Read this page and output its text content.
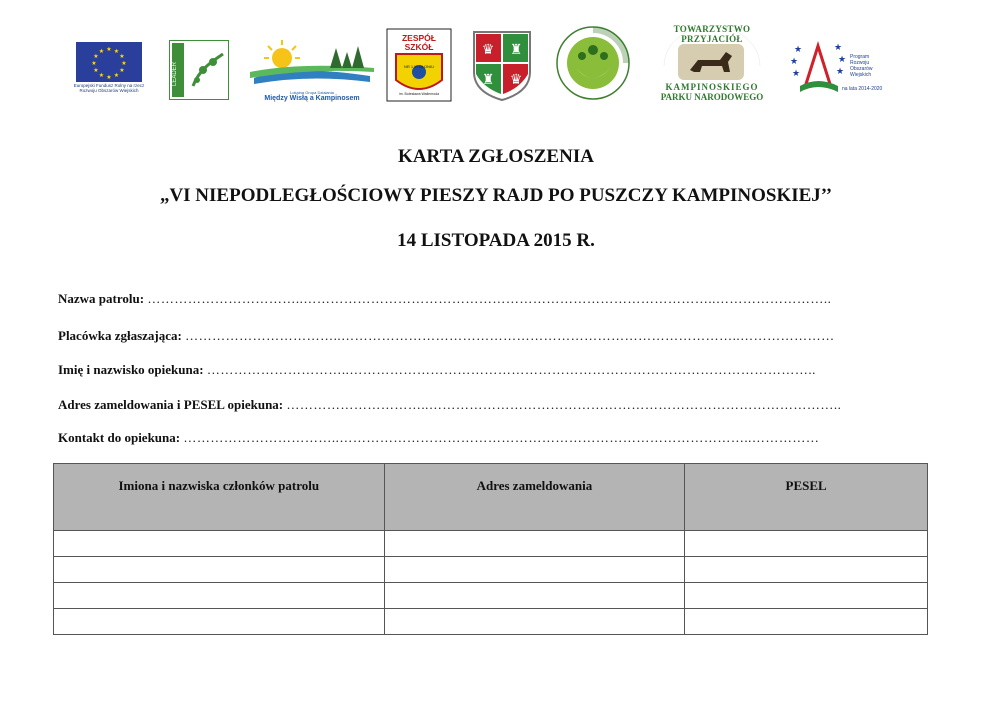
★ ★
★
★
★
★
★
★
★
★
★
★
Europejski Fundusz Rolny na rzecz
Rozwoju Obszarów Wiejskich
LEADER
Lokalna Grupa Działania
Między Wisłą a Kampinosem
ZESPÓŁ SZKÓŁ
NR 1 W BŁONIU
im. Bolesława Wallenroda
♛ ♜
♜ ♛
TOWARZYSTWO PRZYJACIÓŁ
KAMPINOSKIEGO
PARKU NARODOWEGO
★
★
★
★
★
★
Program
Rozwoju
Obszarów
Wiejskich
na lata 2014-2020
KARTA ZGŁOSZENIA
„VI NIEPODLEGŁOŚCIOWY PIESZY RAJD PO PUSZCZY KAMPINOSKIEJ’’
14 LISTOPADA 2015 R.
Nazwa patrolu: ……………………………..………………………………………………………………………………..……………………..
Placówka zgłaszająca: ……………………………..……………………………………………………………………………..…………………
Imię i nazwisko opiekuna: …………………………..…………………………………………………………………………………………..
Adres zameldowania i PESEL opiekuna: …………………………..………………………………………………………………………………..
Kontakt do opiekuna: ……………………………..………………………………………………………………………………..……………
Imiona i nazwiska członków patrolu	Adres zameldowania	PESEL
